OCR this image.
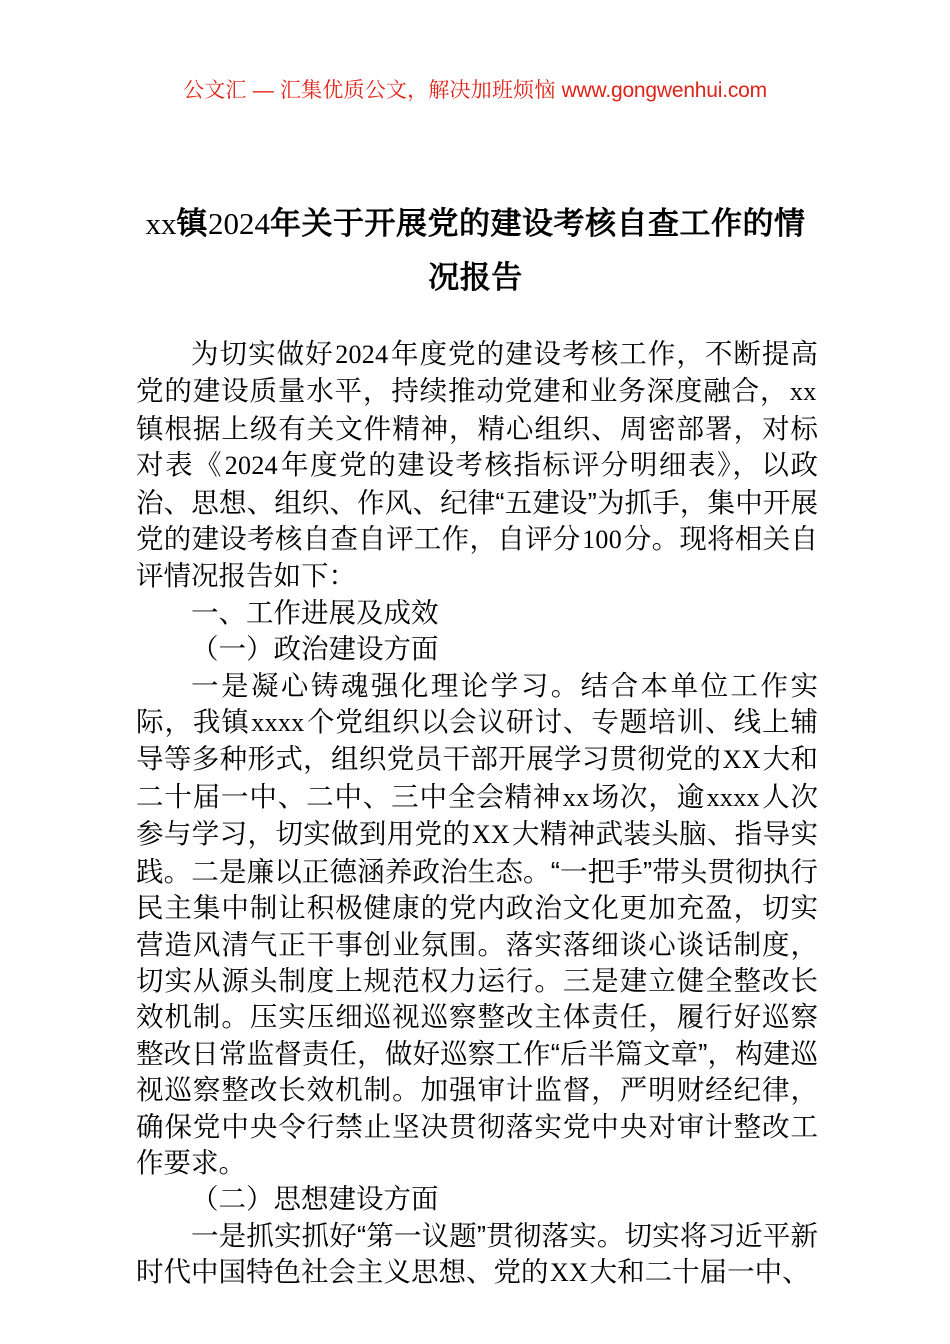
公文汇 — 汇集优质公文，解决加班烦恼 www.gongwenhui.com
xx镇2024年关于开展党的建设考核自查工作的情况报告

为切实做好2024年度党的建设考核工作，不断提高党的建设质量水平，持续推动党建和业务深度融合，xx镇根据上级有关文件精神，精心组织、周密部署，对标对表《2024年度党的建设考核指标评分明细表》，以政治、思想、组织、作风、纪律“五建设”为抓手，集中开展党的建设考核自查自评工作，自评分100分。现将相关自评情况报告如下：

一、工作进展及成效

（一）政治建设方面

一是凝心铸魂强化理论学习。结合本单位工作实际，我镇xxxx个党组织以会议研讨、专题培训、线上辅导等多种形式，组织党员干部开展学习贯彻党的XX大和二十届一中、二中、三中全会精神xx场次，逾xxxx人次参与学习，切实做到用党的XX大精神武装头脑、指导实践。二是廉以正德涵养政治生态。“一把手”带头贯彻执行民主集中制让积极健康的党内政治文化更加充盈，切实营造风清气正干事创业氛围。落实落细谈心谈话制度，切实从源头制度上规范权力运行。三是建立健全整改长效机制。压实压细巡视巡察整改主体责任，履行好巡察整改日常监督责任，做好巡察工作“后半篇文章”，构建巡视巡察整改长效机制。加强审计监督，严明财经纪律，确保党中央令行禁止坚决贯彻落实党中央对审计整改工作要求。

（二）思想建设方面

一是抓实抓好“第一议题”贯彻落实。切实将习近平新时代中国特色社会主义思想、党的XX大和二十届一中、
